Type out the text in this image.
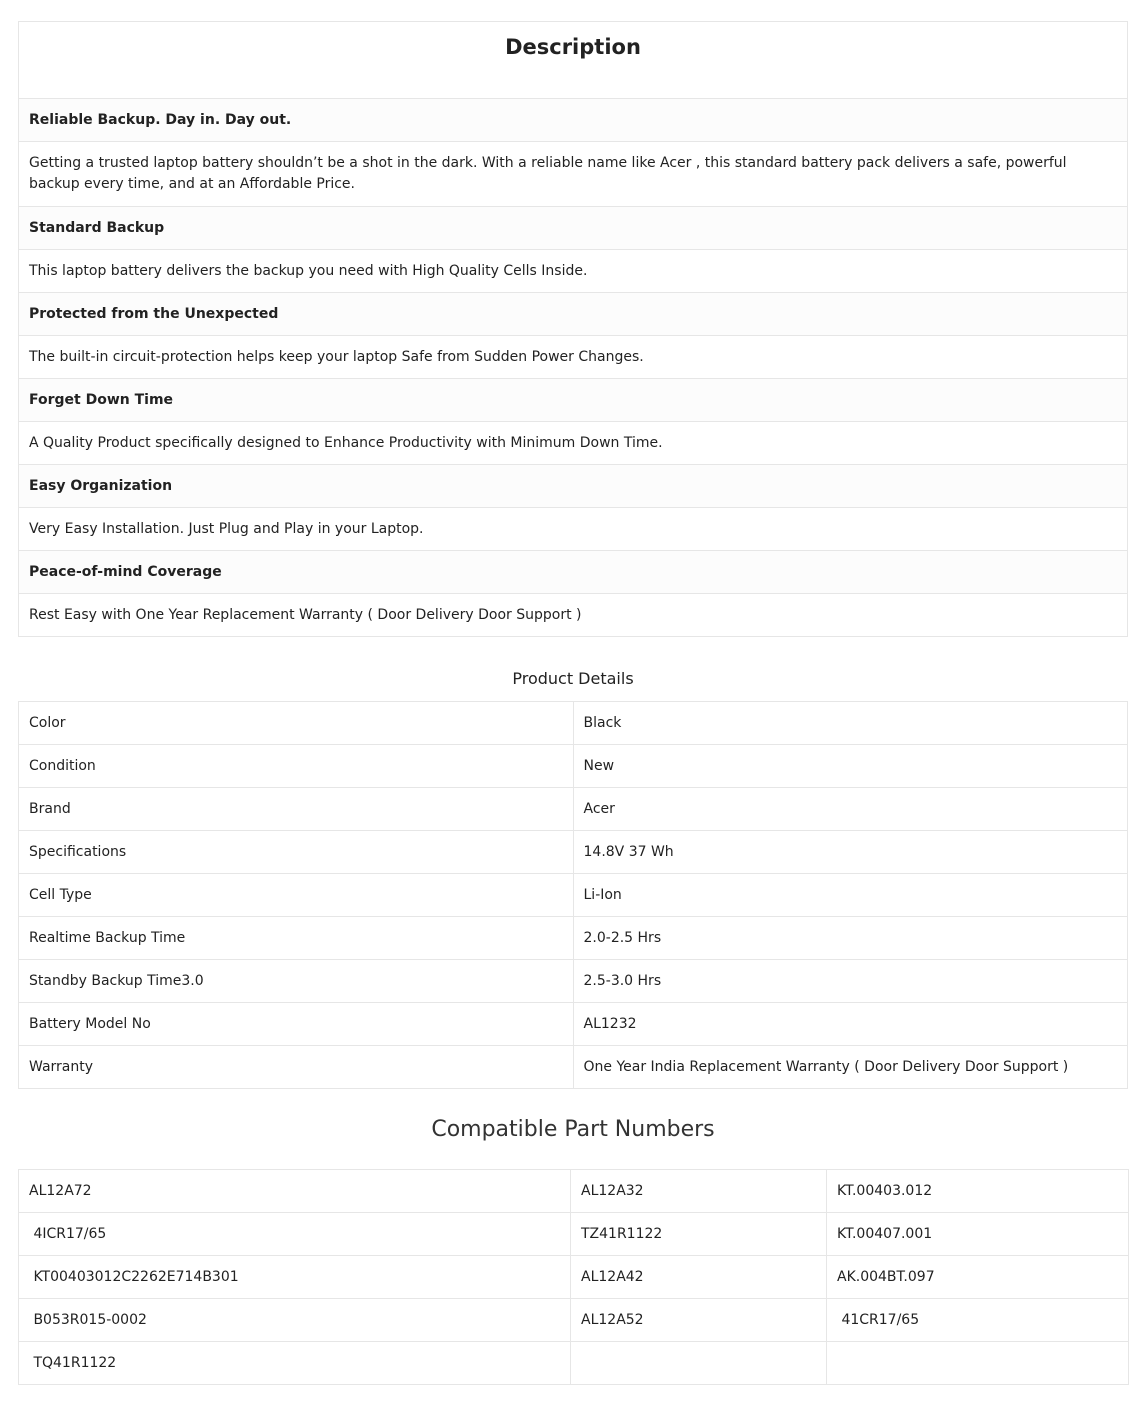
Description
Reliable Backup. Day in. Day out.
Getting a trusted laptop battery shouldn’t be a shot in the dark. With a reliable name like Acer , this standard battery pack delivers a safe, powerful backup every time, and at an Affordable Price.
Standard Backup
This laptop battery delivers the backup you need with High Quality Cells Inside.
Protected from the Unexpected
The built-in circuit-protection helps keep your laptop Safe from Sudden Power Changes.
Forget Down Time
A Quality Product specifically designed to Enhance Productivity with Minimum Down Time.
Easy Organization
Very Easy Installation. Just Plug and Play in your Laptop.
Peace-of-mind Coverage
Rest Easy with One Year Replacement Warranty ( Door Delivery Door Support )
Product Details
Color	Black
Condition	New
Brand	Acer
Specifications	14.8V 37 Wh
Cell Type	Li-Ion
Realtime Backup Time	2.0-2.5 Hrs
Standby Backup Time3.0	2.5-3.0 Hrs
Battery Model No	AL1232
Warranty	One Year India Replacement Warranty ( Door Delivery Door Support )
Compatible Part Numbers
AL12A72	AL12A32	KT.00403.012
4ICR17/65	TZ41R1122	KT.00407.001
KT00403012C2262E714B301	AL12A42	AK.004BT.097
B053R015-0002	AL12A52	41CR17/65
TQ41R1122		
